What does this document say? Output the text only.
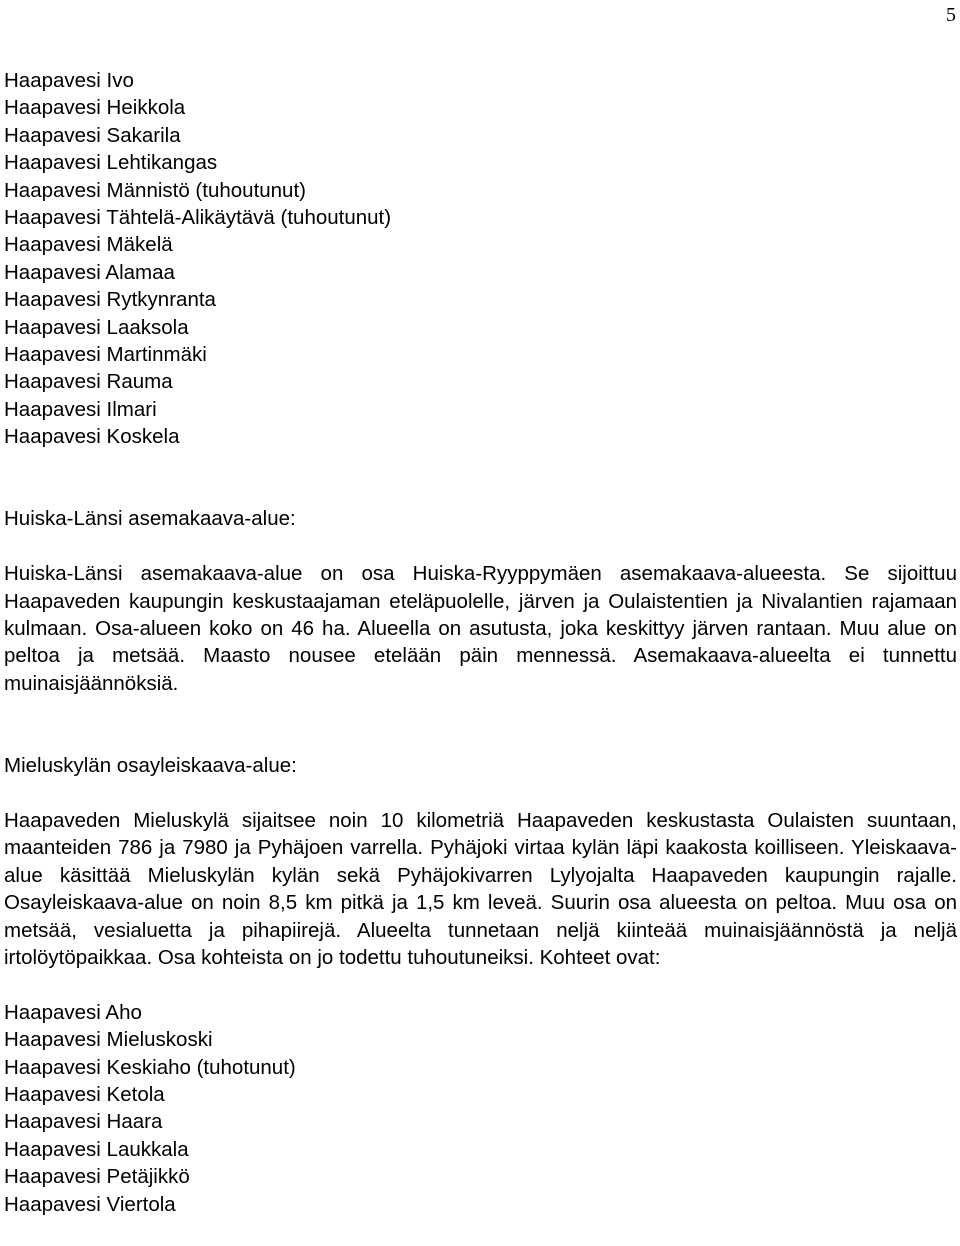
5
Haapavesi Ivo
Haapavesi Heikkola
Haapavesi Sakarila
Haapavesi Lehtikangas
Haapavesi Männistö (tuhoutunut)
Haapavesi Tähtelä-Alikäytävä (tuhoutunut)
Haapavesi Mäkelä
Haapavesi Alamaa
Haapavesi Rytkynranta
Haapavesi Laaksola
Haapavesi Martinmäki
Haapavesi Rauma
Haapavesi Ilmari
Haapavesi Koskela
Huiska-Länsi asemakaava-alue:

Huiska-Länsi asemakaava-alue on osa Huiska-Ryyppymäen asemakaava-alueesta. Se sijoittuu Haapaveden kaupungin keskustaajaman eteläpuolelle, järven ja Oulaistentien ja Nivalantien rajamaan kulmaan. Osa-alueen koko on 46 ha. Alueella on asutusta, joka keskittyy järven rantaan. Muu alue on peltoa ja metsää. Maasto nousee etelään päin mennessä. Asemakaava-alueelta ei tunnettu muinaisjäännöksiä.

Mieluskylän osayleiskaava-alue:

Haapaveden Mieluskylä sijaitsee noin 10 kilometriä Haapaveden keskustasta Oulaisten suuntaan, maanteiden 786 ja 7980 ja Pyhäjoen varrella. Pyhäjoki virtaa kylän läpi kaakosta koilliseen. Yleiskaava-alue käsittää Mieluskylän kylän sekä Pyhäjokivarren Lylyojalta Haapaveden kaupungin rajalle. Osayleiskaava-alue on noin 8,5 km pitkä ja 1,5 km leveä. Suurin osa alueesta on peltoa. Muu osa on metsää, vesialuetta ja pihapiirejä. Alueelta tunnetaan neljä kiinteää muinaisjäännöstä ja neljä irtolöytöpaikkaa. Osa kohteista on jo todettu tuhoutuneiksi. Kohteet ovat:

Haapavesi Aho
Haapavesi Mieluskoski
Haapavesi Keskiaho (tuhotunut)
Haapavesi Ketola
Haapavesi Haara
Haapavesi Laukkala
Haapavesi Petäjikkö
Haapavesi Viertola
